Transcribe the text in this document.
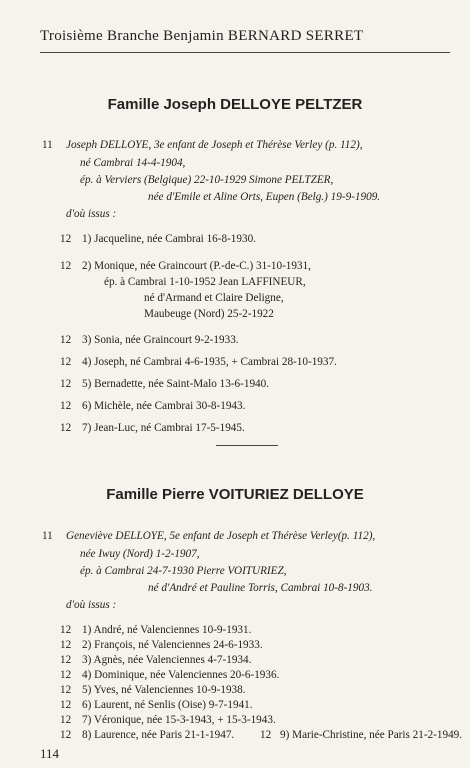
Troisième Branche Benjamin BERNARD SERRET
Famille Joseph DELLOYE PELTZER
11 Joseph DELLOYE, 3e enfant de Joseph et Thérèse Verley (p. 112),
né Cambrai 14-4-1904,
ép. à Verviers (Belgique) 22-10-1929 Simone PELTZER,
née d'Emile et Aline Orts, Eupen (Belg.) 19-9-1909.
d'où issus :
12 1) Jacqueline, née Cambrai 16-8-1930.
12 2) Monique, née Graincourt (P.-de-C.) 31-10-1931,
ép. à Cambrai 1-10-1952 Jean LAFFINEUR,
né d'Armand et Claire Deligne,
Maubeuge (Nord) 25-2-1922
12 3) Sonia, née Graincourt 9-2-1933.
12 4) Joseph, né Cambrai 4-6-1935, + Cambrai 28-10-1937.
12 5) Bernadette, née Saint-Malo 13-6-1940.
12 6) Michèle, née Cambrai 30-8-1943.
12 7) Jean-Luc, né Cambrai 17-5-1945.
Famille Pierre VOITURIEZ DELLOYE
11 Geneviève DELLOYE, 5e enfant de Joseph et Thérèse Verley(p. 112),
née Iwuy (Nord) 1-2-1907,
ép. à Cambrai 24-7-1930 Pierre VOITURIEZ,
né d'André et Pauline Torris, Cambrai 10-8-1903.
d'où issus :
12 1) André, né Valenciennes 10-9-1931.
12 2) François, né Valenciennes 24-6-1933.
12 3) Agnès, née Valenciennes 4-7-1934.
12 4) Dominique, née Valenciennes 20-6-1936.
12 5) Yves, né Valenciennes 10-9-1938.
12 6) Laurent, né Senlis (Oise) 9-7-1941.
12 7) Véronique, née 15-3-1943, + 15-3-1943.
12 8) Laurence, née Paris 21-1-1947. 12 9) Marie-Christine, née Paris 21-2-1949.
114
